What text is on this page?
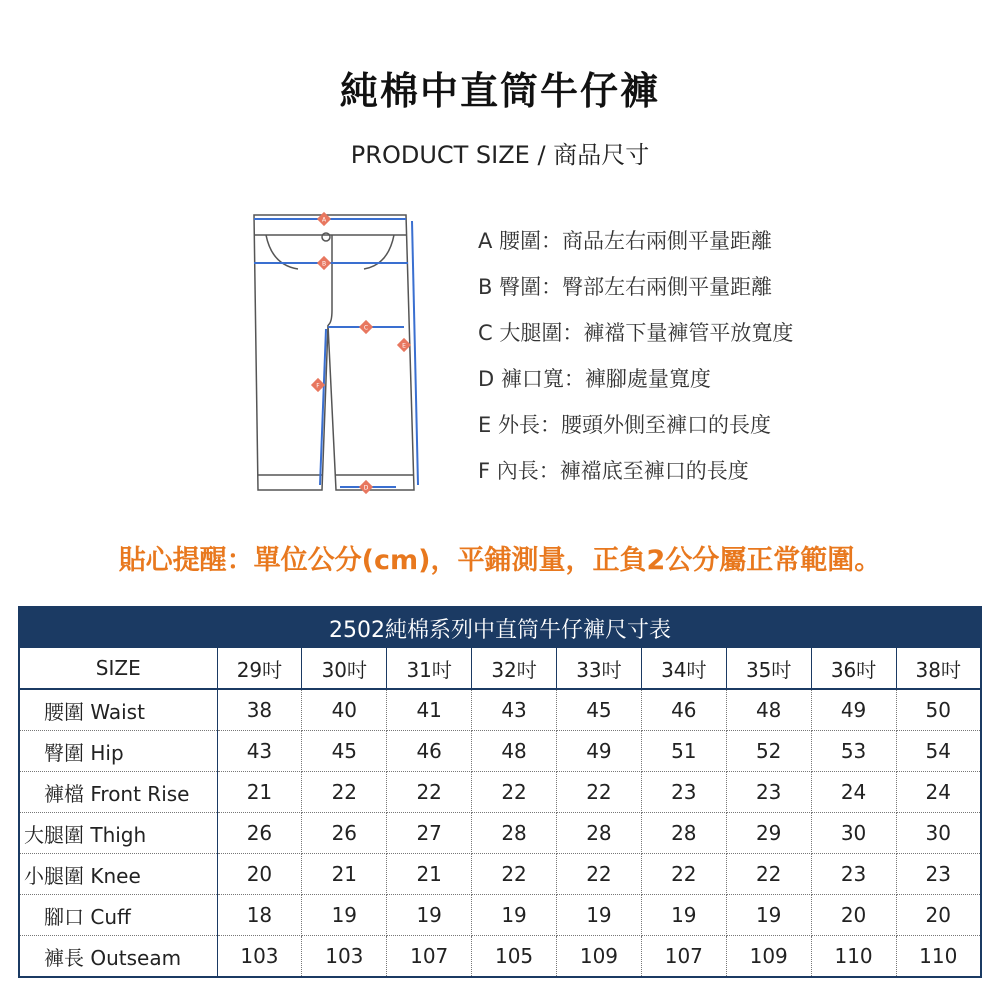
純棉中直筒牛仔褲
PRODUCT SIZE / 商品尺寸
A
B
C
D
E
F
A 腰圍：商品左右兩側平量距離
B 臀圍：臀部左右兩側平量距離
C 大腿圍：褲襠下量褲管平放寬度
D 褲口寬：褲腳處量寬度
E 外長：腰頭外側至褲口的長度
F 內長：褲襠底至褲口的長度
貼心提醒：單位公分(cm)，平鋪測量，正負2公分屬正常範圍。
2502純棉系列中直筒牛仔褲尺寸表									
SIZE	29吋	30吋	31吋	32吋	33吋	34吋	35吋	36吋	38吋
　腰圍 Waist	38	40	41	43	45	46	48	49	50
　臀圍 Hip	43	45	46	48	49	51	52	53	54
　褲檔 Front Rise	21	22	22	22	22	23	23	24	24
大腿圍 Thigh	26	26	27	28	28	28	29	30	30
小腿圍 Knee	20	21	21	22	22	22	22	23	23
　腳口 Cuff	18	19	19	19	19	19	19	20	20
　褲長 Outseam	103	103	107	105	109	107	109	110	110
